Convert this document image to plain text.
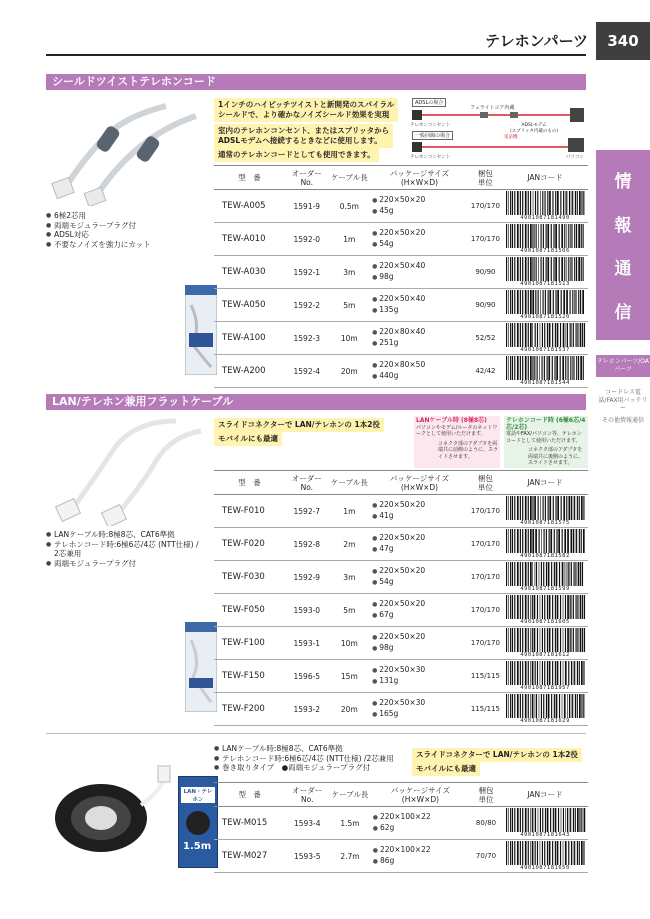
テレホンパーツ	340
情
報
通
信
テレホンパーツ/OAパーツ
コードレス電話/FAX用バッテリー
その他情報通信
シールドツイストテレホンコード
● 6極2芯用
● 両端モジュラープラグ付
● ADSL対応
● 不要なノイズを強力にカット
1インチのハイピッチツイストと新開発のスパイラル
シールドで、より確かなノイズシールド効果を実現
室内のテレホンコンセント、またはスプリッタから
ADSLモデムへ接続するときなどに使用します。
通常のテレホンコードとしても使用できます。
ADSLの場合
一般回線の場合
フェライトコア内蔵
テレホンコンセント
テレホンコンセント
ADSLモデム
(スプリッタ内蔵のもの)
パソコン
電話機
型　番	オーダー
No.	ケーブル長	パッケージサイズ
(H×W×D)	梱包
単位	JANコード
TEW-A005	1591-9	0.5m	● 220×50×20
● 45g	170/170	4901087181490

TEW-A010	1592-0	1m	● 220×50×20
● 54g	170/170	4901087181506

TEW-A030	1592-1	3m	● 220×50×40
● 98g	90/90	4901087181513

TEW-A050	1592-2	5m	● 220×50×40
● 135g	90/90	4901087181520

TEW-A100	1592-3	10m	● 220×80×40
● 251g	52/52	4901087181537

TEW-A200	1592-4	20m	● 220×80×50
● 440g	42/42	4901087181544
LAN/テレホン兼用フラットケーブル
● LANケーブル時:8極8芯、CAT6準拠
● テレホンコード時:6極6芯/4芯 (NTT仕様) /
2芯兼用
● 両端モジュラープラグ付
スライドコネクターで LAN/テレホンの 1本2役
モバイルにも最適
LANケーブル時 (8極8芯)
パソコンやモデム/ルータのネットワークとして使用いただけます。
コネクタ部のアダプタを両端共に前側のように、スライドさせます。
テレホンコード時 (6極6芯/4芯/2芯)
電話やFAX/パソコン等、テレホンコードとして使用いただけます。
コネクタ部のアダプタを両端共に後側のように、スライドさせます。
型　番	オーダー
No.	ケーブル長	パッケージサイズ
(H×W×D)	梱包
単位	JANコード
TEW-F010	1592-7	1m	● 220×50×20
● 41g	170/170	4901087181575

TEW-F020	1592-8	2m	● 220×50×20
● 47g	170/170	4901087181582

TEW-F030	1592-9	3m	● 220×50×20
● 54g	170/170	4901087181599

TEW-F050	1593-0	5m	● 220×50×20
● 67g	170/170	4901087181605

TEW-F100	1593-1	10m	● 220×50×20
● 98g	170/170	4901087181612

TEW-F150	1596-5	15m	● 220×50×30
● 131g	115/115	4901087181957

TEW-F200	1593-2	20m	● 220×50×30
● 165g	115/115	4901087181629
LAN・テレホン
1.5m
● LANケーブル時:8極8芯、CAT6準拠
● テレホンコード時:6極6芯/4芯 (NTT仕様) /2芯兼用
● 巻き取りタイプ　●両端モジュラープラグ付
スライドコネクターで LAN/テレホンの 1本2役
モバイルにも最適
型　番	オーダー
No.	ケーブル長	パッケージサイズ
(H×W×D)	梱包
単位	JANコード
TEW-M015	1593-4	1.5m	● 220×100×22
● 62g	80/80	4901087181643

TEW-M027	1593-5	2.7m	● 220×100×22
● 86g	70/70	4901087181650
